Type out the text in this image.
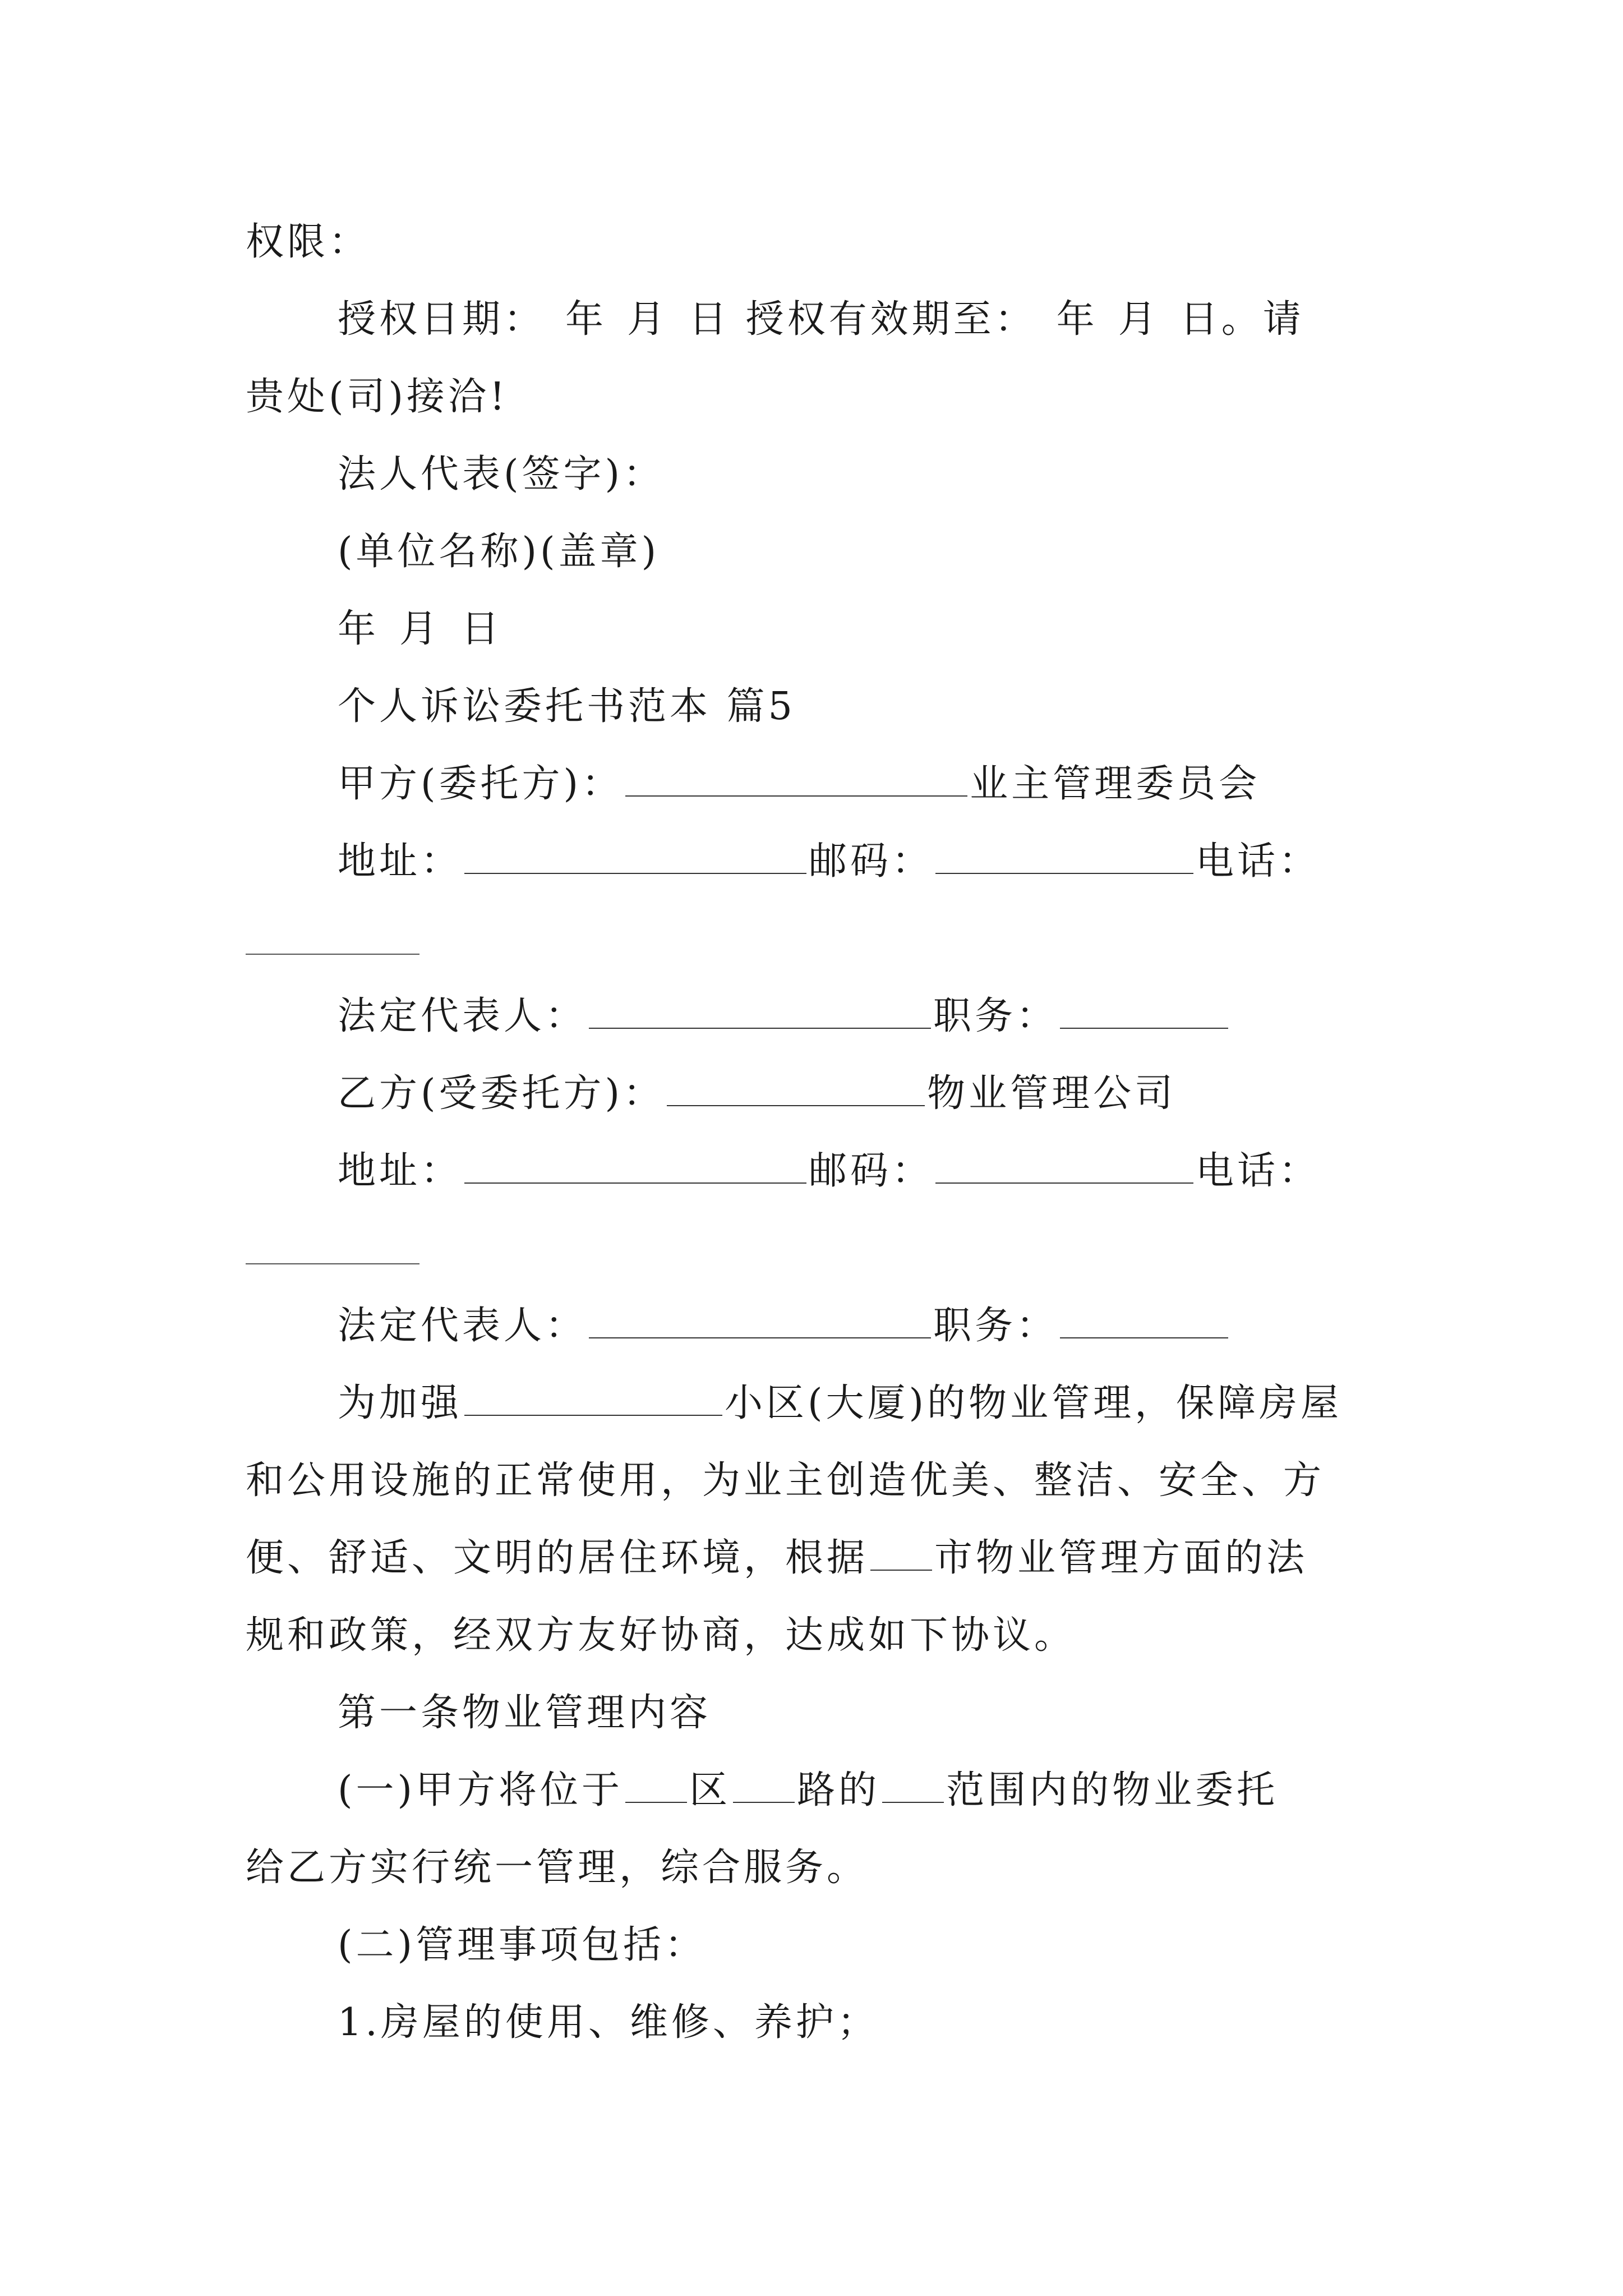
权限：
授权日期： 年 月 日 授权有效期至： 年 月 日。请
贵处(司)接洽!
法人代表(签字)：
(单位名称)(盖章)
年 月 日
个人诉讼委托书范本 篇5
甲方(委托方)：	业主管理委员会
地址：	邮码：	电话：
法定代表人：	职务：
乙方(受委托方)：	物业管理公司
地址：	邮码：	电话：
法定代表人：	职务：
为加强	小区(大厦)的物业管理，保障房屋
和公用设施的正常使用，为业主创造优美、整洁、安全、方
便、舒适、文明的居住环境，根据 市物业管理方面的法
规和政策，经双方友好协商，达成如下协议。
第一条物业管理内容
(一)甲方将位于 区 路的 范围内的物业委托
给乙方实行统一管理，综合服务。
(二)管理事项包括：
1.房屋的使用、维修、养护；
